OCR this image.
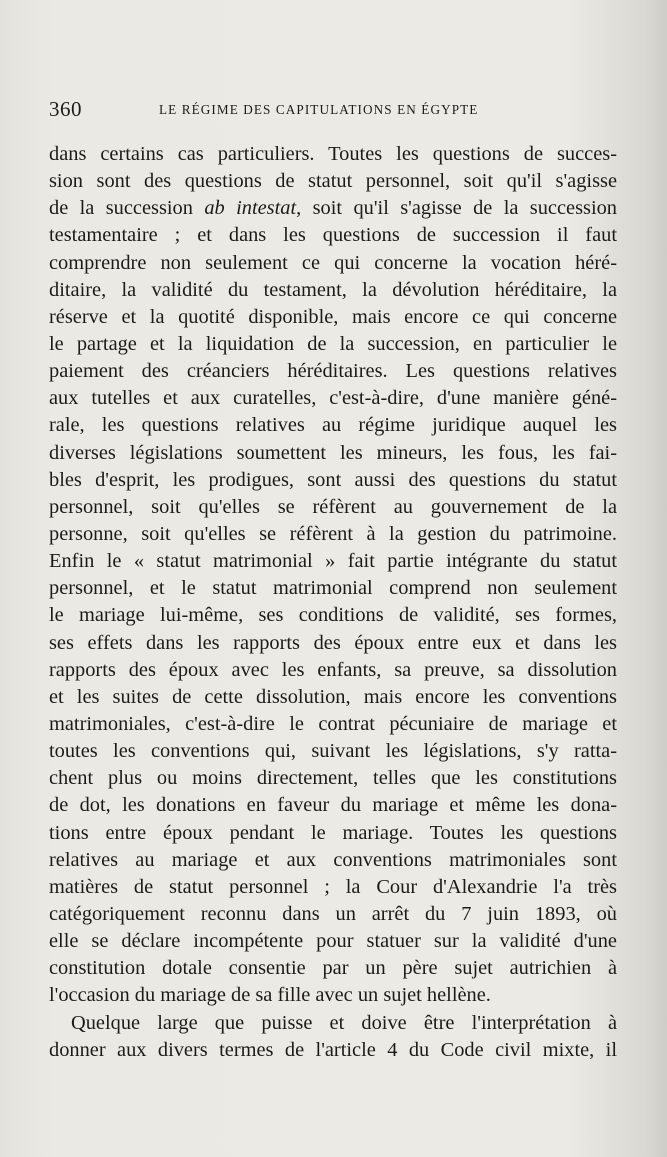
360	LE RÉGIME DES CAPITULATIONS EN ÉGYPTE
dans certains cas particuliers. Toutes les questions de succes-
sion sont des questions de statut personnel, soit qu'il s'agisse
de la succession ab intestat, soit qu'il s'agisse de la succession
testamentaire ; et dans les questions de succession il faut
comprendre non seulement ce qui concerne la vocation héré-
ditaire, la validité du testament, la dévolution héréditaire, la
réserve et la quotité disponible, mais encore ce qui concerne
le partage et la liquidation de la succession, en particulier le
paiement des créanciers héréditaires. Les questions relatives
aux tutelles et aux curatelles, c'est-à-dire, d'une manière géné-
rale, les questions relatives au régime juridique auquel les
diverses législations soumettent les mineurs, les fous, les fai-
bles d'esprit, les prodigues, sont aussi des questions du statut
personnel, soit qu'elles se réfèrent au gouvernement de la
personne, soit qu'elles se réfèrent à la gestion du patrimoine.
Enfin le « statut matrimonial » fait partie intégrante du statut
personnel, et le statut matrimonial comprend non seulement
le mariage lui-même, ses conditions de validité, ses formes,
ses effets dans les rapports des époux entre eux et dans les
rapports des époux avec les enfants, sa preuve, sa dissolution
et les suites de cette dissolution, mais encore les conventions
matrimoniales, c'est-à-dire le contrat pécuniaire de mariage et
toutes les conventions qui, suivant les législations, s'y ratta-
chent plus ou moins directement, telles que les constitutions
de dot, les donations en faveur du mariage et même les dona-
tions entre époux pendant le mariage. Toutes les questions
relatives au mariage et aux conventions matrimoniales sont
matières de statut personnel ; la Cour d'Alexandrie l'a très
catégoriquement reconnu dans un arrêt du 7 juin 1893, où
elle se déclare incompétente pour statuer sur la validité d'une
constitution dotale consentie par un père sujet autrichien à
l'occasion du mariage de sa fille avec un sujet hellène.
Quelque large que puisse et doive être l'interprétation à
donner aux divers termes de l'article 4 du Code civil mixte, il
